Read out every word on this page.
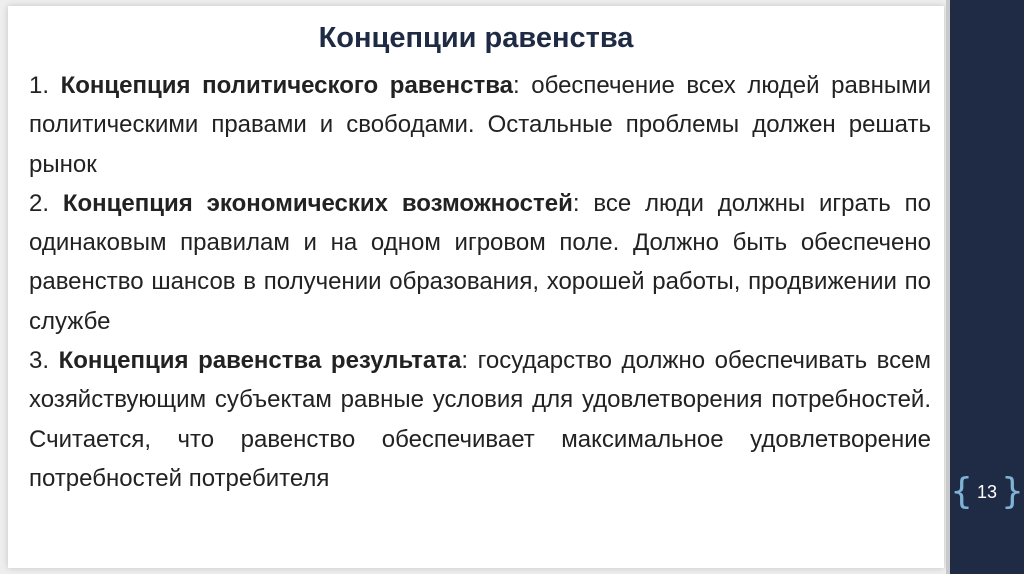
Концепции равенства

1. Концепция политического равенства: обеспечение всех людей равными политическими правами и свободами. Остальные проблемы должен решать рынок

2. Концепция экономических возможностей: все люди должны играть по одинаковым правилам и на одном игровом поле. Должно быть обеспечено равенство шансов в получении образования, хорошей работы, продвижении по службе

3. Концепция равенства результата: государство должно обеспечивать всем хозяйствующим субъектам равные условия для удовлетворения потребностей. Считается, что равенство обеспечивает максимальное удовлетворение потребностей потребителя	{ 13 }
